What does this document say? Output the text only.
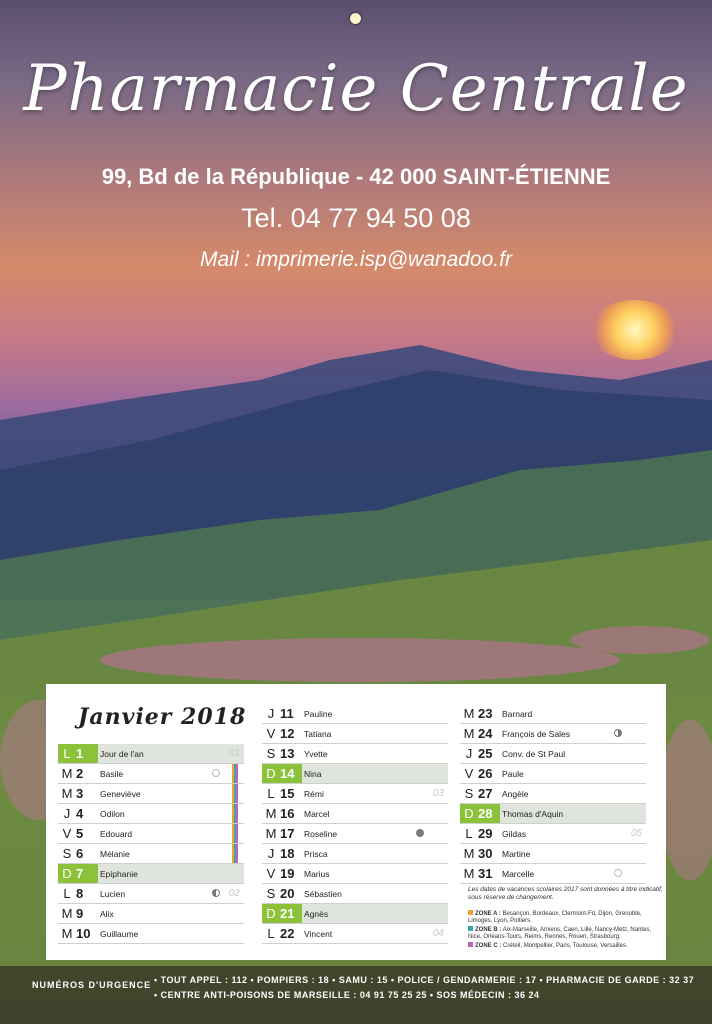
Pharmacie Centrale
99, Bd de la République - 42 000 SAINT-ÉTIENNE
Tel. 04 77 94 50 08
Mail : imprimerie.isp@wanadoo.fr
Janvier 2018
L 1	Jour de l'an	01
M 2	Basile
M 3	Geneviève
J 4	Odilon
V 5	Edouard
S 6	Mélanie
D 7	Epiphanie
L 8	Lucien	02
M 9	Alix
M 10	Guillaume
J 11	Pauline
V 12	Tatiana
S 13	Yvette
D 14	Nina
L 15	Rémi	03
M 16	Marcel
M 17	Roseline
J 18	Prisca
V 19	Marius
S 20	Sébastien
D 21	Agnès
L 22	Vincent	04
M 23	Barnard
M 24	François de Sales
J 25	Conv. de St Paul
V 26	Paule
S 27	Angèle
D 28	Thomas d'Aquin
L 29	Gildas	05
M 30	Martine
M 31	Marcelle
Les dates de vacances scolaires 2017 sont données à titre indicatif, sous réserve de changement.
ZONE A : Besançon, Bordeaux, Clermont-Fd, Dijon, Grenoble, Limoges, Lyon, Poitiers.
ZONE B : Aix-Marseille, Amiens, Caen, Lille, Nancy-Metz, Nantes, Nice, Orléans-Tours, Reims, Rennes, Rouen, Strasbourg.
ZONE C : Créteil, Montpellier, Paris, Toulouse, Versailles.
NUMÉROS D'URGENCE • TOUT APPEL : 112 • POMPIERS : 18 • SAMU : 15 • POLICE / GENDARMERIE : 17 • PHARMACIE DE GARDE : 32 37
• CENTRE ANTI-POISONS DE MARSEILLE : 04 91 75 25 25 • SOS MÉDECIN : 36 24
